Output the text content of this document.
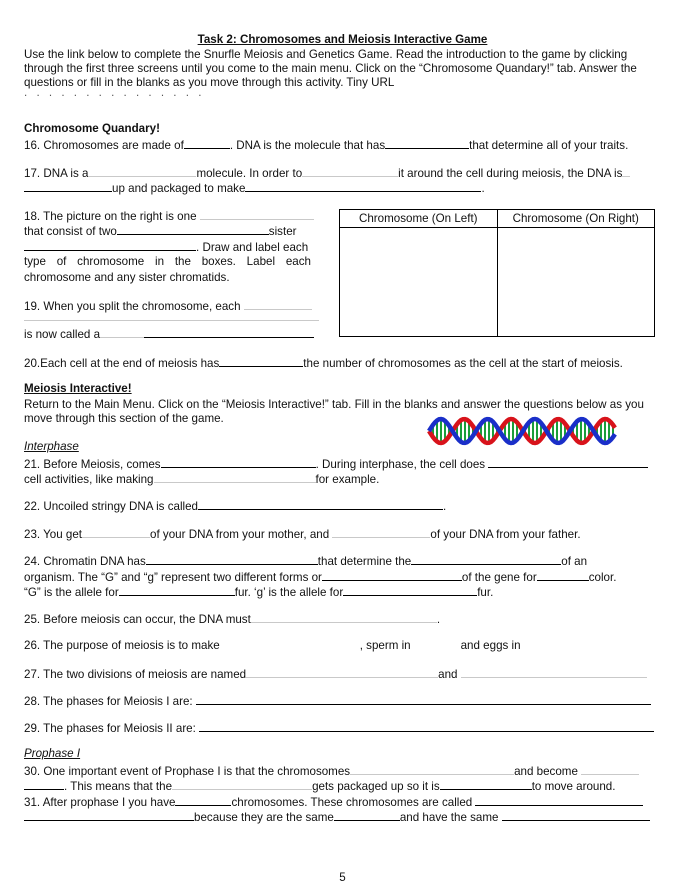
Task 2: Chromosomes and Meiosis Interactive Game
Use the link below to complete the Snurfle Meiosis and Genetics Game. Read the introduction to the game by clicking through the first three screens until you come to the main menu. Click on the “Chromosome Quandary!” tab. Answer the questions or fill in the blanks as you move through this activity. Tiny URL
. . . . . . . . . . . . . . .
Chromosome Quandary!
16. Chromosomes are made of	. DNA is the molecule that has	that determine all of your traits.
17. DNA is a	molecule. In order to	it around the cell during meiosis, the DNA is
up and packaged to make	.
18. The picture on the right is one
that consist of two	sister
. Draw and label each
type of chromosome in the boxes. Label each
chromosome and any sister chromatids.
Chromosome (On Left)	Chromosome (On Right)

19. When you split the chromosome, each
is now called a
20.Each cell at the end of meiosis has	the number of chromosomes as the cell at the start of meiosis.
Meiosis Interactive!
Return to the Main Menu. Click on the “Meiosis Interactive!” tab. Fill in the blanks and answer the questions below as you move through this section of the game.
Interphase
21. Before Meiosis, comes	. During interphase, the cell does
cell activities, like making	for example.
22. Uncoiled stringy DNA is called	.
23. You get	of your DNA from your mother, and	of your DNA from your father.
24. Chromatin DNA has	that determine the	of an
organism. The “G” and “g” represent two different forms or	of the gene for	color.
“G” is the allele for	fur. ‘g’ is the allele for	fur.
25. Before meiosis can occur, the DNA must	.
26. The purpose of meiosis is to make	, sperm in	and eggs in
27. The two divisions of meiosis are named	and
28. The phases for Meiosis I are:
29. The phases for Meiosis II are:
Prophase I
30. One important event of Prophase I is that the chromosomes	and become
. This means that the	gets packaged up so it is	to move around.
31. After prophase I you have	chromosomes. These chromosomes are called
because they are the same	and have the same
5
